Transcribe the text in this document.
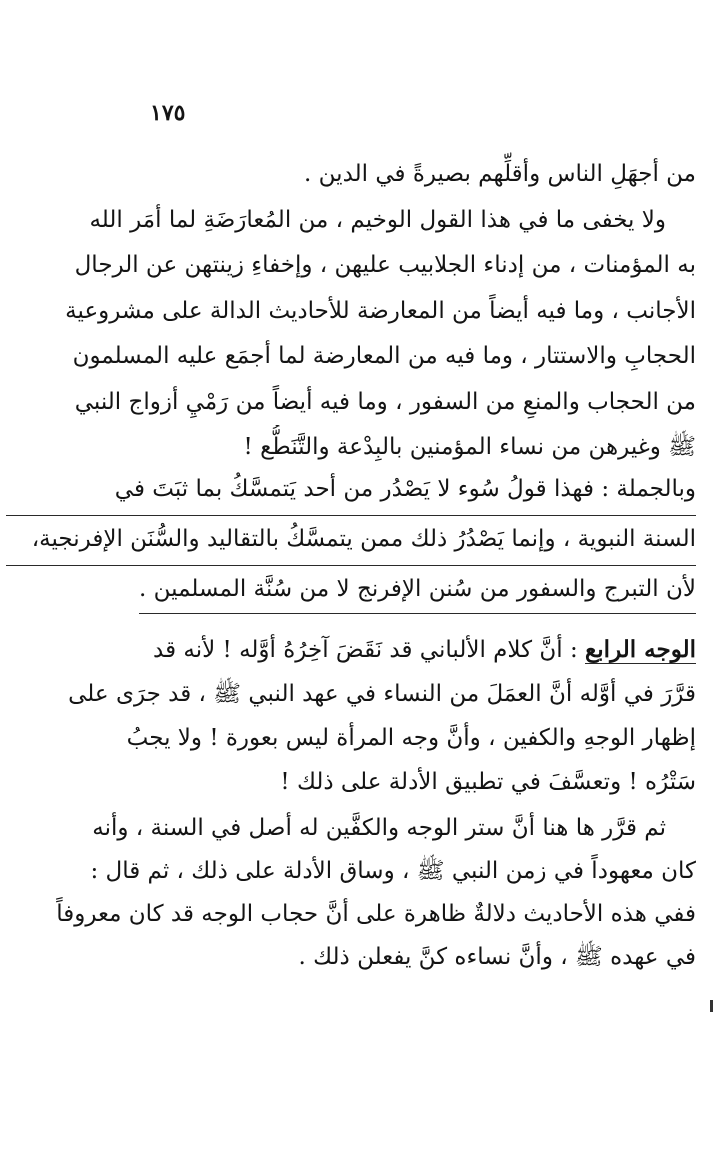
١٧٥
من أجهَلِ الناس وأقلِّهم بصيرةً في الدين .
ولا يخفى ما في هذا القول الوخيم ، من المُعارَضَةِ لما أمَر الله
به المؤمنات ، من إدناء الجلابيب عليهن ، وإخفاءِ زينتهن عن الرجال
الأجانب ، وما فيه أيضاً من المعارضة للأحاديث الدالة على مشروعية
الحجابِ والاستتار ، وما فيه من المعارضة لما أجمَع عليه المسلمون
من الحجاب والمنعِ من السفور ، وما فيه أيضاً من رَمْيِ أزواج النبي
ﷺ وغيرهن من نساء المؤمنين بالبِدْعة والتَّنَطُّع !
وبالجملة : فهذا قولُ سُوء لا يَصْدُر من أحد يَتمسَّكُ بما ثبَتَ في
السنة النبوية ، وإنما يَصْدُرُ ذلك ممن يتمسَّكُ بالتقاليد والسُّنَن الإفرنجية،
لأن التبرج والسفور من سُنن الإفرنج لا من سُنَّة المسلمين .
الوجه الرابع : أنَّ كلام الألباني قد نَقَضَ آخِرُهُ أوَّله ! لأنه قد
قرَّرَ في أوَّله أنَّ العمَلَ من النساء في عهد النبي ﷺ ، قد جرَى على
إظهار الوجهِ والكفين ، وأنَّ وجه المرأة ليس بعورة ! ولا يجبُ
سَتْرُه ! وتعسَّفَ في تطبيق الأدلة على ذلك !
ثم قرَّر ها هنا أنَّ ستر الوجه والكفَّين له أصل في السنة ، وأنه
كان معهوداً في زمن النبي ﷺ ، وساق الأدلة على ذلك ، ثم قال :
ففي هذه الأحاديث دلالةٌ ظاهرة على أنَّ حجاب الوجه قد كان معروفاً
في عهده ﷺ ، وأنَّ نساءه كنَّ يفعلن ذلك .
